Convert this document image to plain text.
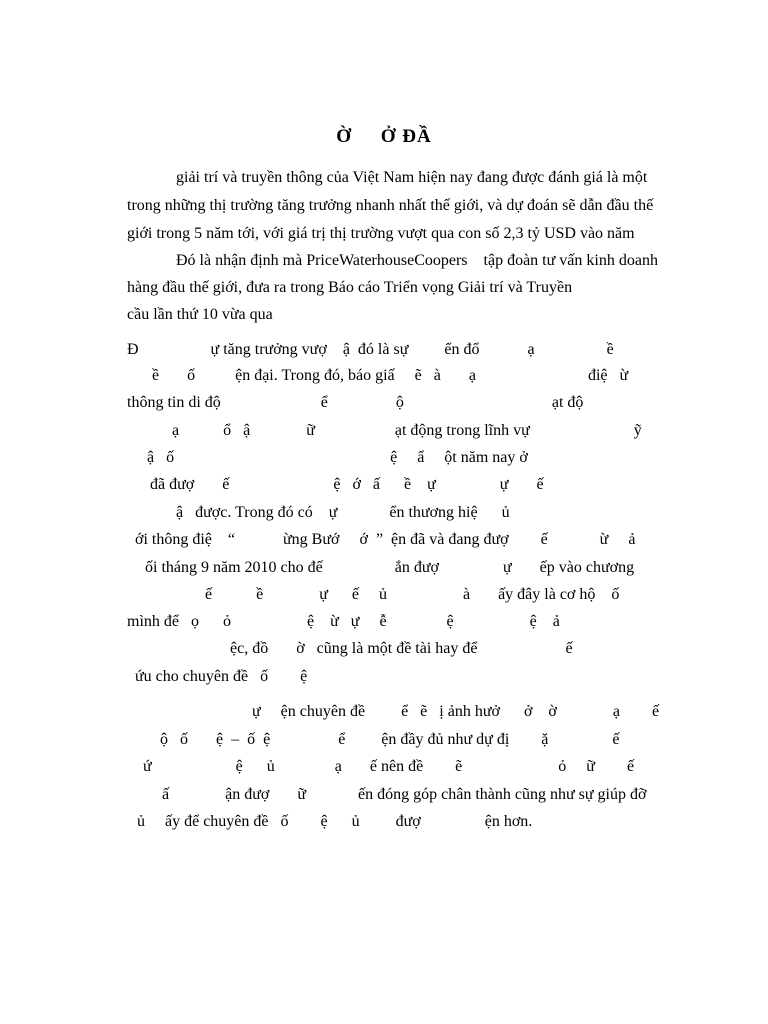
Ờ     Ở ĐẦ
giải trí và truyền thông của Việt Nam hiện nay đang được đánh giá là một
trong những thị trường tăng trưởng nhanh nhất thế giới, và dự đoán sẽ dẫn đầu thế
giới trong 5 năm tới, với giá trị thị trường vượt qua con số 2,3 tỷ USD vào năm
Đó là nhận định mà PriceWaterhouseCoopers    tập đoàn tư vấn kinh doanh
hàng đầu thế giới, đưa ra trong Báo cáo Triển vọng Giải trí và Truyền
cầu lần thứ 10 vừa qua
Đ                  ự tăng trưởng vượ    ậ  đó là sự         ển đổ            ạ                  ề
ề       ố          ện đại. Trong đó, báo giấ     ẽ   à       ạ                            điệ   ừ
thông tin di độ                         ể                 ộ                                     ạt độ
ạ           ổ   ậ              ữ                    ạt động trong lĩnh vự                          ỹ
ậ   ố                                                      ệ     ẩ     ột năm nay ở
đã đượ       ế                          ệ   ớ   ấ      ề    ự                ự       ế
ậ   được. Trong đó có    ự             ển thương hiệ      ủ
ới thông điệ    “            ừng Bướ     ớ  ”  ện đã và đang đượ        ế             ừ     ả
ối tháng 9 năm 2010 cho đế                  ắn đượ                ự       ếp vào chương
ế           ề              ự      ế     ủ                   à       ấy đây là cơ hộ    ố
mình để   ọ      ỏ                   ệ    ừ   ự     ễ               ệ                   ệ    ả
ệc, đồ       ờ   cũng là một đề tài hay để                      ế
ứu cho chuyên đề   ố        ệ
ự     ện chuyên đề         ể   ẽ   ị ảnh hưở      ở    ờ              ạ        ế
ộ   ố       ệ  –  ố  ệ                 ể         ện đầy đủ như dự đị        ặ                ế
ứ                     ệ      ủ               ạ       ế nên đề        ẽ                        ỏ     ữ        ế
ấ              ận đượ       ữ             ến đóng góp chân thành cũng như sự giúp đỡ
ủ     ấy để chuyên đề   ố        ệ      ủ         đượ                ện hơn.
